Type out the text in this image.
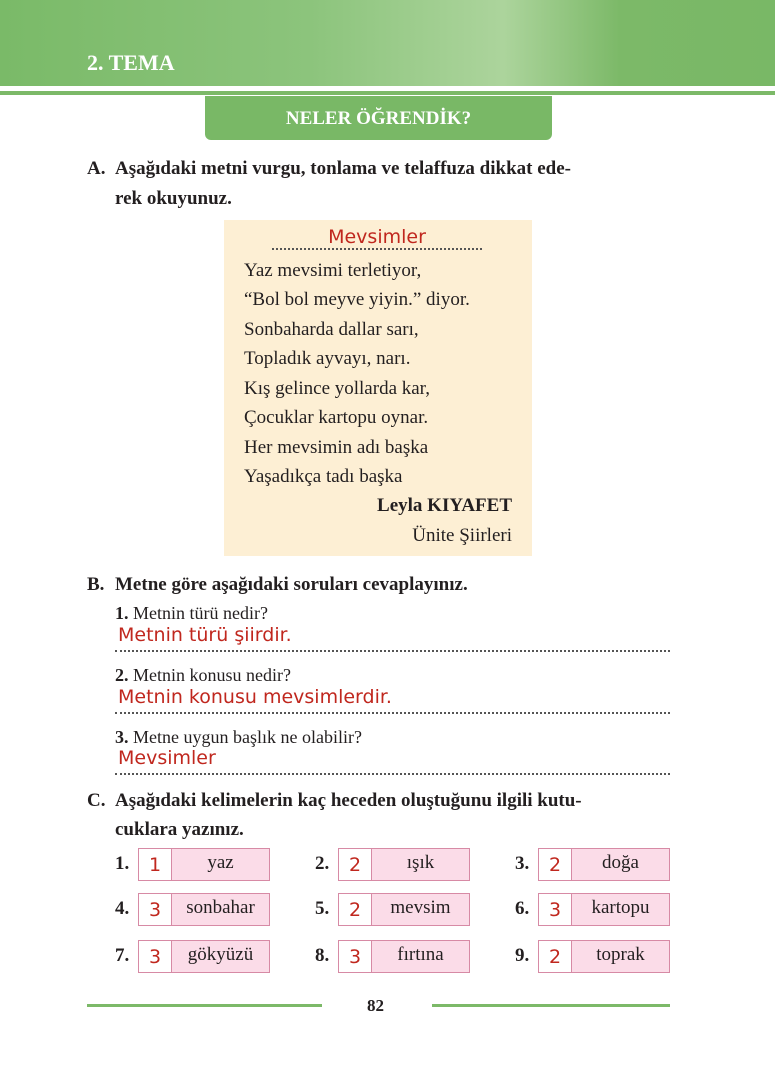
2. TEMA
NELER ÖĞRENDİK?
A. Aşağıdaki metni vurgu, tonlama ve telaffuza dikkat ede-
rek okuyunuz.
Mevsimler
Yaz mevsimi terletiyor,
“Bol bol meyve yiyin.” diyor.
Sonbaharda dallar sarı,
Topladık ayvayı, narı.
Kış gelince yollarda kar,
Çocuklar kartopu oynar.
Her mevsimin adı başka
Yaşadıkça tadı başka
Leyla KIYAFET
Ünite Şiirleri
B. Metne göre aşağıdaki soruları cevaplayınız.
1. Metnin türü nedir?
Metnin türü şiirdir.
2. Metnin konusu nedir?
Metnin konusu mevsimlerdir.
3. Metne uygun başlık ne olabilir?
Mevsimler
C. Aşağıdaki kelimelerin kaç heceden oluştuğunu ilgili kutu-
cuklara yazınız.
1.	1	yaz	2.	2	ışık	3.	2	doğa
4.	3	sonbahar	5.	2	mevsim	6.	3	kartopu
7.	3	gökyüzü	8.	3	fırtına	9.	2	toprak
82
